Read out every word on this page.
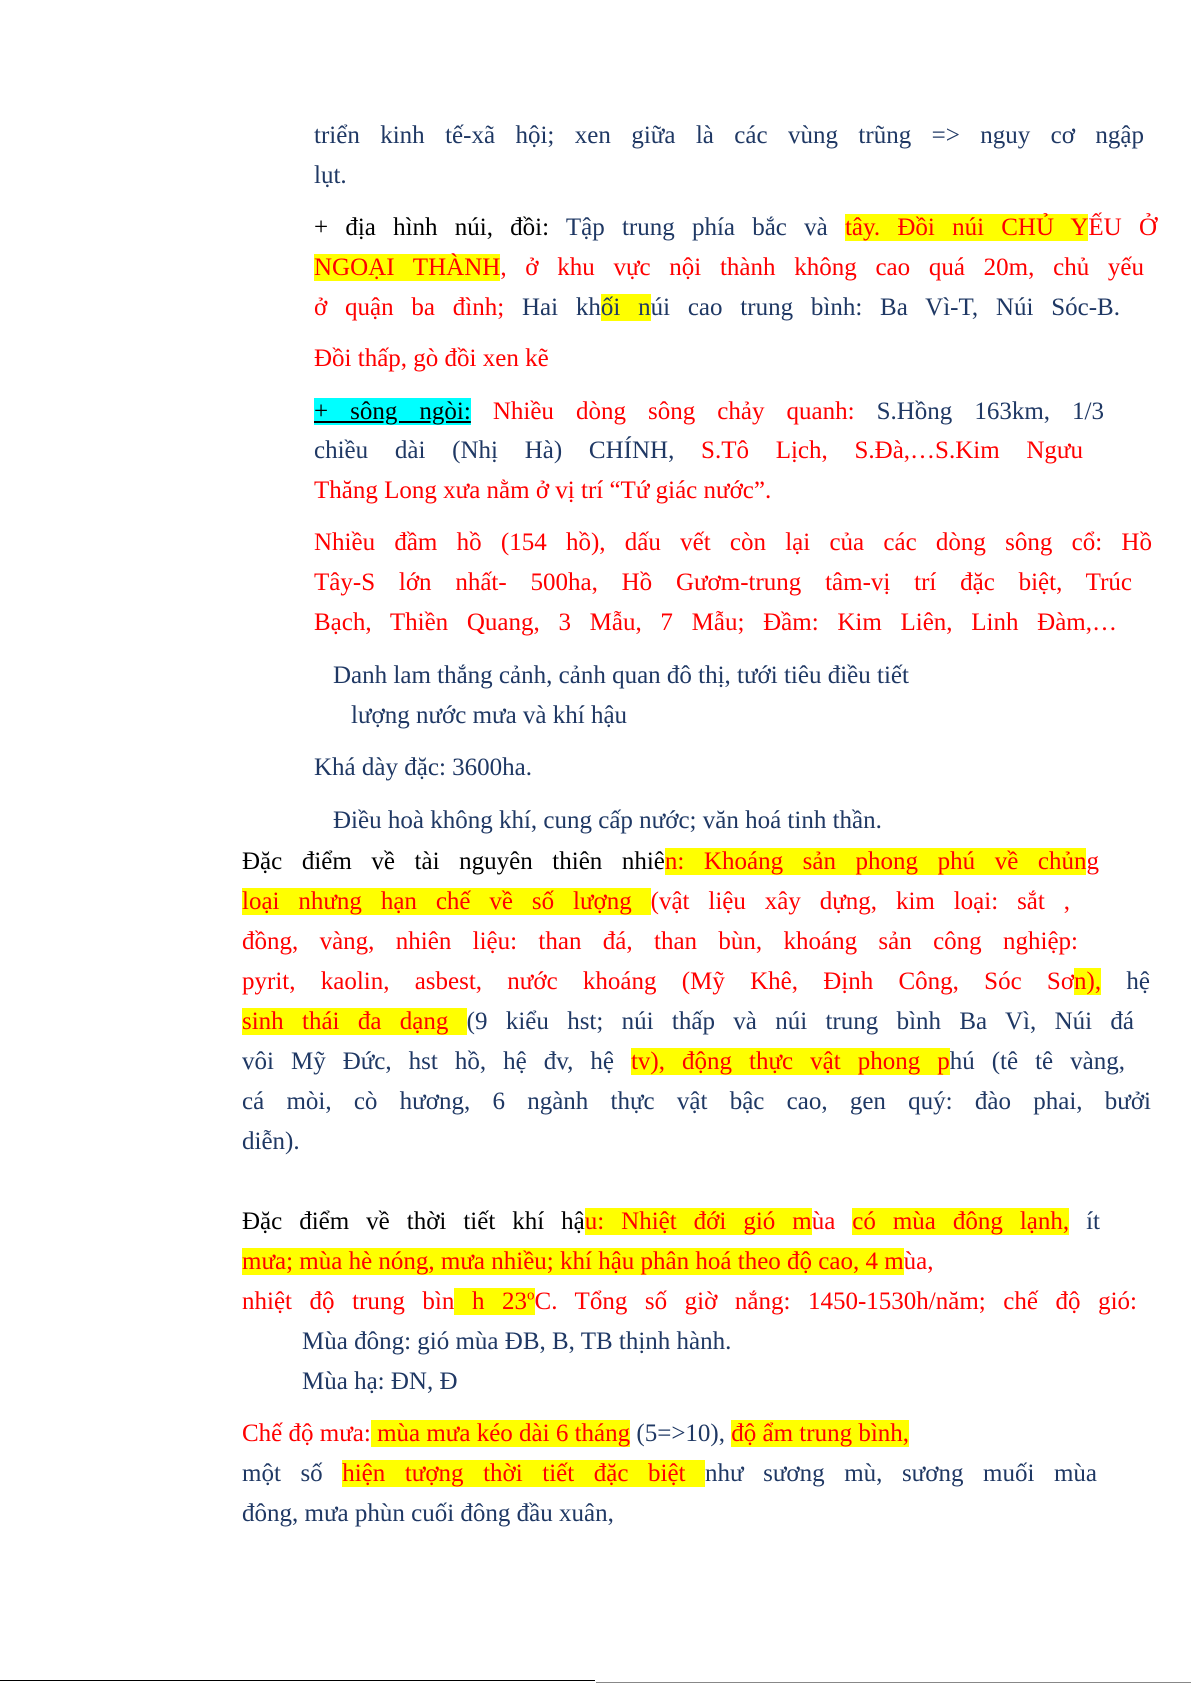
triển kinh tế-xã hội; xen giữa là các vùng trũng => nguy cơ ngập
lụt.
+ địa hình núi, đồi: Tập trung phía bắc và tây. Đồi núi CHỦ YẾU Ở
NGOẠI THÀNH, ở khu vực nội thành không cao quá 20m, chủ yếu
ở quận ba đình; Hai khối núi cao trung bình: Ba Vì-T, Núi Sóc-B.
Đồi thấp, gò đồi xen kẽ
+ sông ngòi: Nhiều dòng sông chảy quanh: S.Hồng 163km, 1/3
chiều dài (Nhị Hà) CHÍNH, S.Tô Lịch, S.Đà,…S.Kim Ngưu
Thăng Long xưa nằm ở vị trí “Tứ giác nước”.
Nhiều đầm hồ (154 hồ), dấu vết còn lại của các dòng sông cổ: Hồ
Tây-S lớn nhất- 500ha, Hồ Gươm-trung tâm-vị trí đặc biệt, Trúc
Bạch, Thiền Quang, 3 Mẫu, 7 Mẫu; Đầm: Kim Liên, Linh Đàm,…
Danh lam thắng cảnh, cảnh quan đô thị, tưới tiêu điều tiết
lượng nước mưa và khí hậu
Khá dày đặc: 3600ha.
Điều hoà không khí, cung cấp nước; văn hoá tinh thần.
Đặc điểm về tài nguyên thiên nhiên: Khoáng sản phong phú về chủng
loại nhưng hạn chế về số lượng (vật liệu xây dựng, kim loại: sắt ,
đồng, vàng, nhiên liệu: than đá, than bùn, khoáng sản công nghiệp:
pyrit, kaolin, asbest, nước khoáng (Mỹ Khê, Định Công, Sóc Sơn), hệ
sinh thái đa dạng (9 kiểu hst; núi thấp và núi trung bình Ba Vì, Núi đá
vôi Mỹ Đức, hst hồ, hệ đv, hệ tv), động thực vật phong phú (tê tê vàng,
cá mòi, cò hương, 6 ngành thực vật bậc cao, gen quý: đào phai, bưởi
diễn).
Đặc điểm về thời tiết khí hậu: Nhiệt đới gió mùa có mùa đông lạnh, ít
mưa; mùa hè nóng, mưa nhiều; khí hậu phân hoá theo độ cao, 4 mùa,
nhiệt độ trung bìn h 23$^o$C. Tổng số giờ nắng: 1450-1530h/năm; chế độ gió:
Mùa đông: gió mùa ĐB, B, TB thịnh hành.
Mùa hạ: ĐN, Đ
Chế độ mưa: mùa mưa kéo dài 6 tháng (5=>10), độ ẩm trung bình,
một số hiện tượng thời tiết đặc biệt như sương mù, sương muối mùa
đông, mưa phùn cuối đông đầu xuân,
